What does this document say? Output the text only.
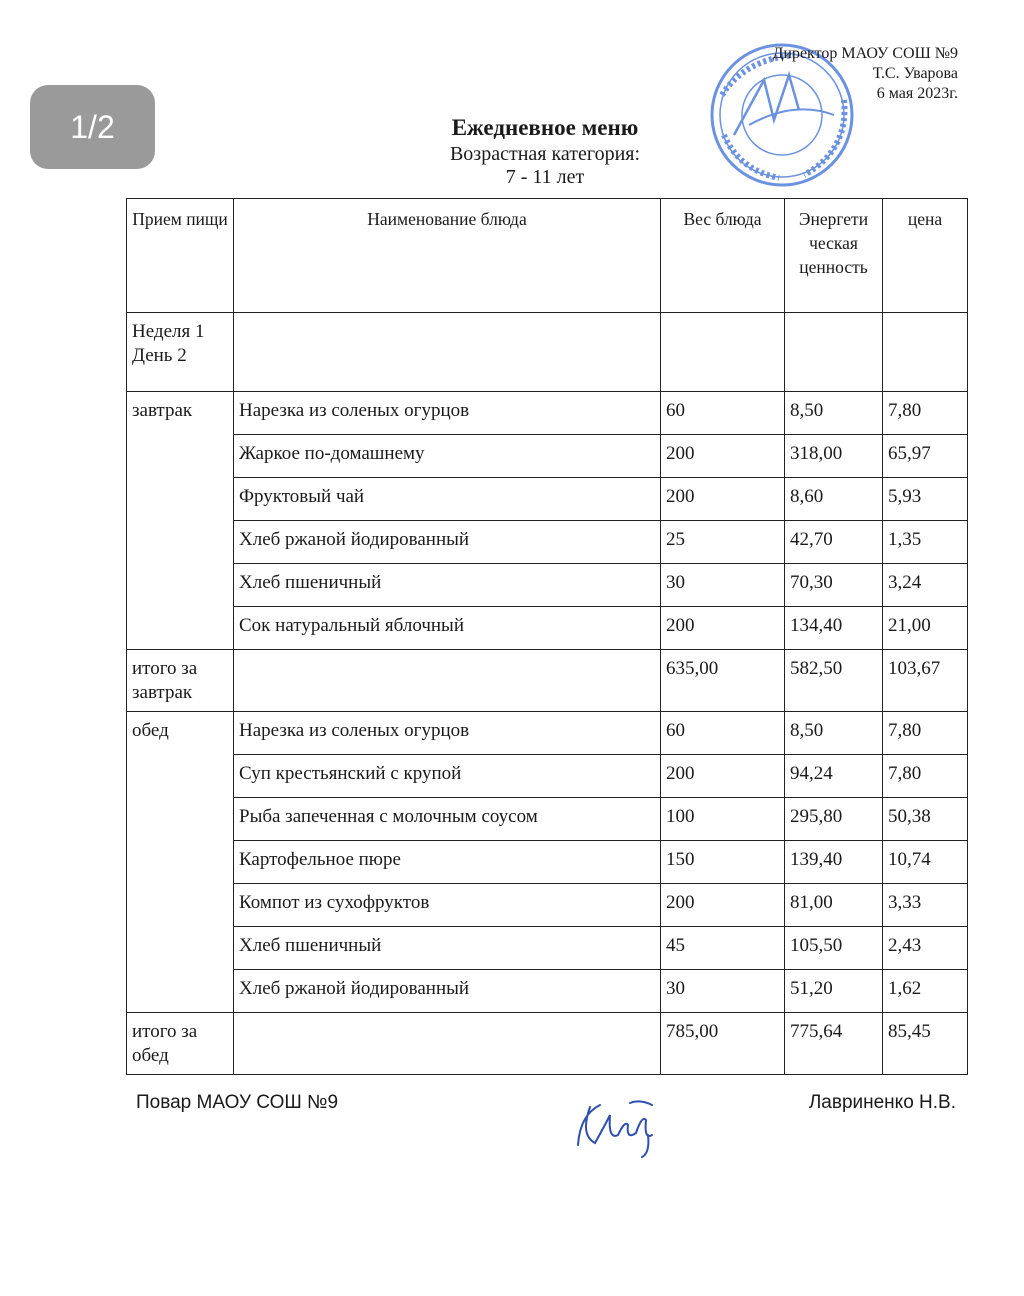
1/2
Директор МАОУ СОШ №9
Т.С. Уварова
6 мая 2023г.
Ежедневное меню
Возрастная категория:
7 - 11 лет
Прием пищи	Наименование блюда	Вес блюда	Энергети ческая ценность	цена

Неделя 1
День 2				

завтрак	Нарезка из соленых огурцов	60	8,50	7,80
	Жаркое по-домашнему	200	318,00	65,97
	Фруктовый чай	200	8,60	5,93
	Хлеб ржаной йодированный	25	42,70	1,35
	Хлеб пшеничный	30	70,30	3,24
	Сок натуральный яблочный	200	134,40	21,00

итого за
завтрак		635,00	582,50	103,67
обед	Нарезка из соленых огурцов	60	8,50	7,80
	Суп крестьянский с крупой	200	94,24	7,80
	Рыба запеченная с молочным соусом	100	295,80	50,38
	Картофельное пюре	150	139,40	10,74
	Компот из сухофруктов	200	81,00	3,33
	Хлеб пшеничный	45	105,50	2,43
	Хлеб ржаной йодированный	30	51,20	1,62

итого за
обед		785,00	775,64	85,45
Повар МАОУ СОШ №9	Лавриненко Н.В.
